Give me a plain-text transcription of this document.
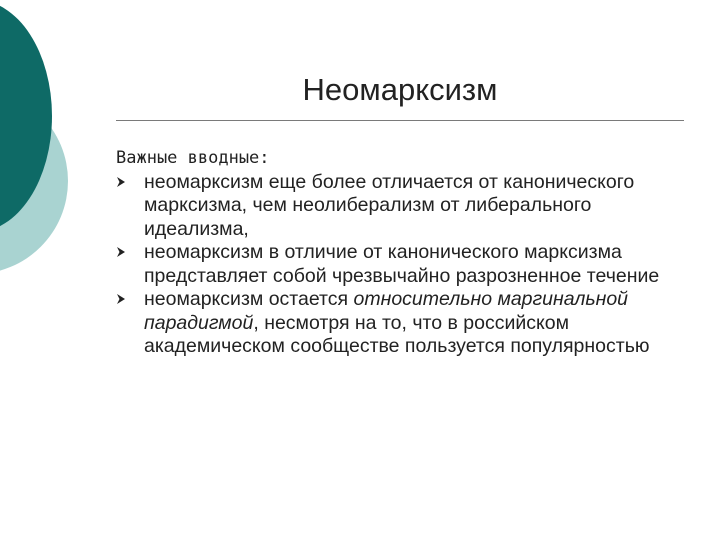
Неомарксизм

Важные вводные:

неомарксизм еще более отличается от канонического марксизма, чем неолиберализм от либерального идеализма,
неомарксизм в отличие от канонического марксизма представляет собой чрезвычайно разрозненное течение
неомарксизм остается относительно маргинальной парадигмой, несмотря на то, что в российском академическом сообществе пользуется популярностью
